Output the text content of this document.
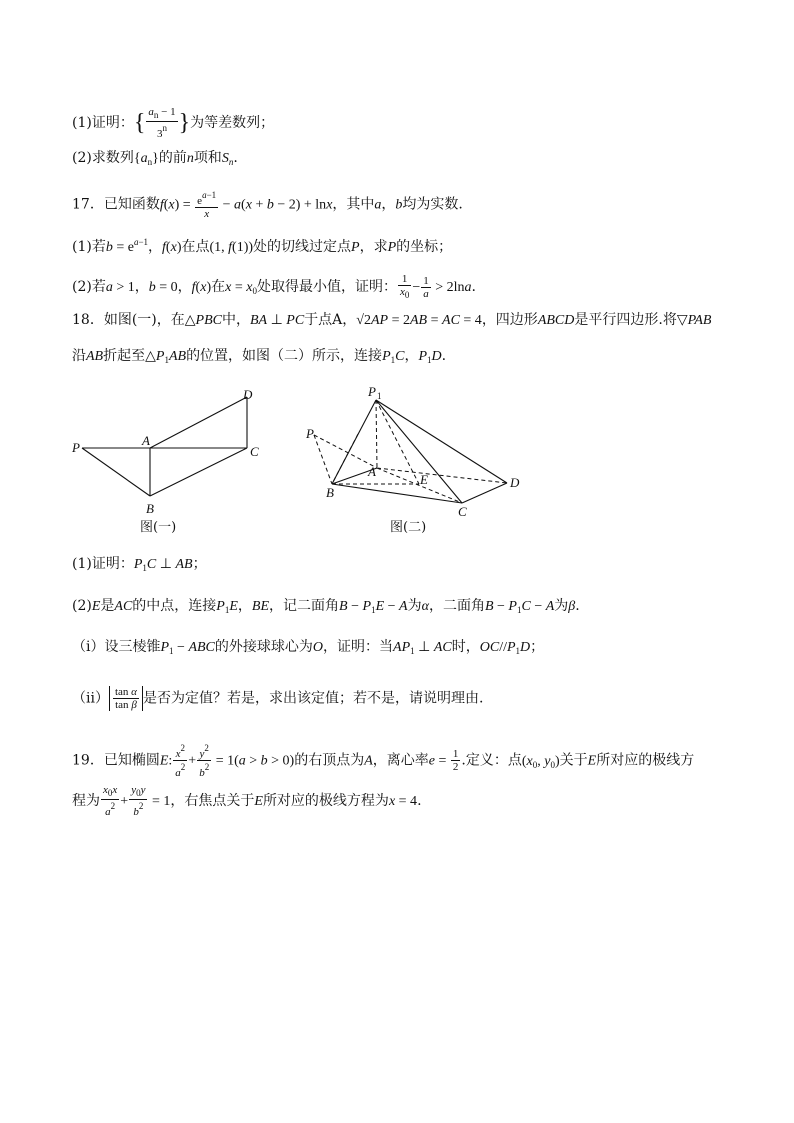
(1)证明：{ $\frac{a_n - 1}{3^n}$ }为等差数列；
(2)求数列$\{a_n\}$的前n项和$S_n$.
17．已知函数$f(x) = \frac{e^{a-1}}{x} - a(x + b - 2) + \ln x$，其中a，b均为实数.
(1)若$b = e^{a-1}$，f(x)在点(1, f(1))处的切线过定点P，求P的坐标；
(2)若a > 1，b = 0，f(x)在$x = x_0$处取得最小值，证明： $\frac{1}{x_0} - \frac{1}{a} > 2\ln a$.
18．如图(一)，在△PBC中，BA ⊥ PC于点A，√2AP = 2AB = AC = 4，四边形ABCD是平行四边形.将▽PAB
沿AB折起至$\triangle P_1AB$的位置，如图（二）所示，连接$P_1C$，$P_1D$.
P	A
B
C
D
图(一)
P 1
P
A
B
C
D
E
图(二)
(1)证明：$P_1C$ ⊥ AB；
(2)E是AC的中点，连接$P_1E$，BE，记二面角$B - P_1E - A$为α，二面角$B - P_1C - A$为β.
（i）设三棱锥$P_1$ − ABC的外接球球心为O，证明：当$AP_1$ ⊥ AC时，$OC//P_1D$；
$(ii) \frac{\text{tan α}}{\text{tan β}}$ 是否为定值？若是，求出该定值；若不是，请说明理由.
19．已知椭圆E: $\frac{x^2}{a^2} + \frac{y^2}{b^2} = 1(a > b > 0)$的右顶点为A，离心率$e = \frac{1}{2}$ .定义：点($x_0$, $y_0$)关于E所对应的极线方
程为 $\frac{x_0x}{a^2} + \frac{y_0y}{b^2} = 1$，右焦点关于E所对应的极线方程为x = 4.
